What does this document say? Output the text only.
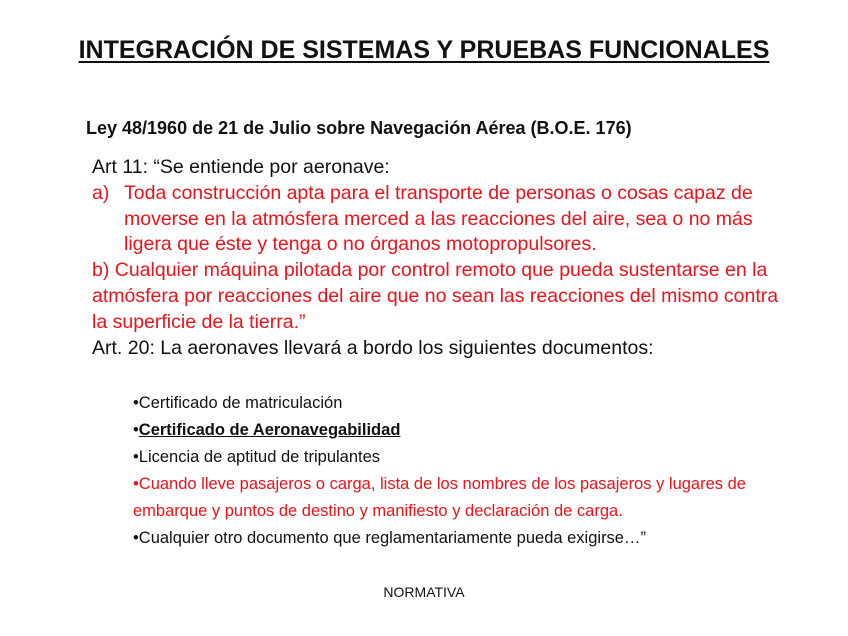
INTEGRACIÓN DE SISTEMAS Y PRUEBAS FUNCIONALES
Ley 48/1960 de 21 de Julio sobre Navegación Aérea (B.O.E. 176)
Art 11: “Se entiende por aeronave:
a) Toda construcción apta para el transporte de personas o cosas capaz de moverse en la atmósfera merced a las reacciones del aire, sea o no más ligera que éste y tenga o no órganos motopropulsores.
b) Cualquier máquina pilotada por control remoto que pueda sustentarse en la atmósfera por reacciones del aire que no sean las reacciones del mismo contra la superficie de la tierra.”
Art. 20: La aeronaves llevará a bordo los siguientes documentos:
•Certificado de matriculación
•Certificado de Aeronavegabilidad
•Licencia de aptitud de tripulantes
•Cuando lleve pasajeros o carga, lista de los nombres de los pasajeros y lugares de embarque y puntos de destino y manifiesto y declaración de carga.
•Cualquier otro documento que reglamentariamente pueda exigirse…”
NORMATIVA
